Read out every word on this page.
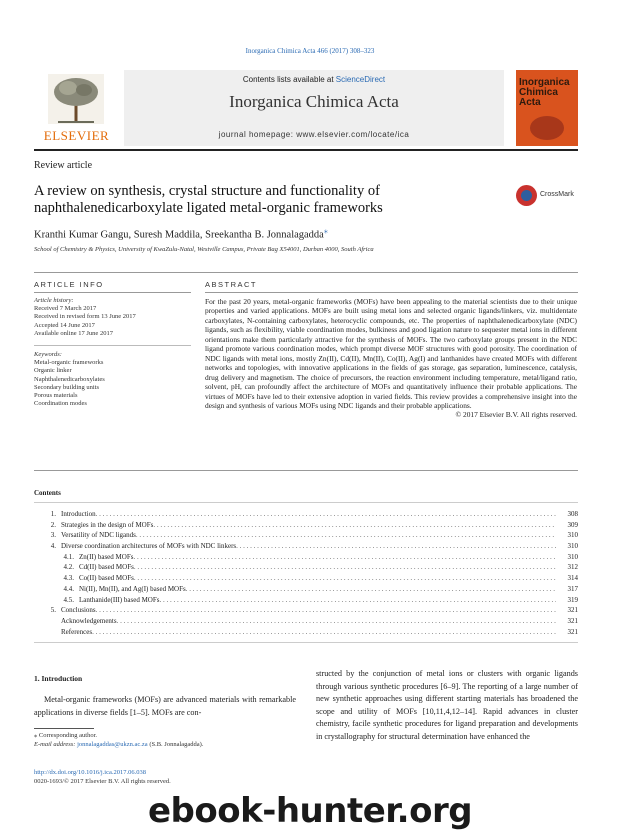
Inorganica Chimica Acta 466 (2017) 308–323
ELSEVIER
Contents lists available at ScienceDirect
Inorganica Chimica Acta
journal homepage: www.elsevier.com/locate/ica
Inorganica Chimica Acta
Review article
A review on synthesis, crystal structure and functionality of naphthalenedicarboxylate ligated metal-organic frameworks
CrossMark
Kranthi Kumar Gangu, Suresh Maddila, Sreekantha B. Jonnalagadda⁎
School of Chemistry & Physics, University of KwaZulu-Natal, Westville Campus, Private Bag X54001, Durban 4000, South Africa
ARTICLE INFO	ABSTRACT
Article history:
Received 7 March 2017
Received in revised form 13 June 2017
Accepted 14 June 2017
Available online 17 June 2017
Keywords:
Metal-organic frameworks
Organic linker
Naphthalenedicarboxylates
Secondary building units
Porous materials
Coordination modes
For the past 20 years, metal-organic frameworks (MOFs) have been appealing to the material scientists due to their unique properties and varied applications. MOFs are built using metal ions and selected organic ligands/linkers, viz. multidentate carboxylates, N-containing carboxylates, heterocyclic compounds, etc. The properties of naphthalenedicarboxylate (NDC) ligands, such as flexibility, viable coordination modes, bulkiness and good ligation nature to sequester metal ions in different orientations make them particularly attractive for the synthesis of MOFs. The two carboxylate groups present in the NDC ligand promote various coordination modes, which prompt diverse MOF structures with good porosity. The coordination of NDC ligands with metal ions, mostly Zn(II), Cd(II), Mn(II), Co(II), Ag(I) and lanthanides have created MOFs with different networks and topologies, with innovative applications in the fields of gas storage, gas separation, luminescence, catalysis, drug delivery and magnetism. The choice of precursors, the reaction environment including temperature, metal/ligand ratio, solvent, pH, can profoundly affect the architecture of MOFs and quantitatively influence their probable applications. The virtues of MOFs have led to their extensive adoption in varied fields. This review provides a comprehensive insight into the design and synthesis of various MOFs using NDC ligands and their probable applications.
© 2017 Elsevier B.V. All rights reserved.
Contents
1. Introduction . . .	308
2. Strategies in the design of MOFs . . .	309
3. Versatility of NDC ligands . . .	310
4. Diverse coordination architectures of MOFs with NDC linkers . . .	310
4.1. Zn(II) based MOFs . . .	310
4.2. Cd(II) based MOFs . . .	312
4.3. Co(II) based MOFs . . .	314
4.4. Ni(II), Mn(II), and Ag(I) based MOFs . . .	317
4.5. Lanthanide(III) based MOFs . . .	319
5. Conclusions . . .	321
Acknowledgements . . .	321
References . . .	321
1. Introduction
Metal-organic frameworks (MOFs) are advanced materials with remarkable applications in diverse fields [1–5]. MOFs are con-
structed by the conjunction of metal ions or clusters with organic ligands through various synthetic procedures [6–9]. The reporting of a large number of new synthetic approaches using different starting materials has broadened the scope and utility of MOFs [10,11,4,12–14]. Rapid advances in cluster chemistry, facile synthetic procedures for ligand preparation and developments in crystallography for structural determination have enhanced the
⁎ Corresponding author.
E-mail address: jonnalagaddas@ukzn.ac.za (S.B. Jonnalagadda).
http://dx.doi.org/10.1016/j.ica.2017.06.038
0020-1693/© 2017 Elsevier B.V. All rights reserved.
ebook-hunter.org
